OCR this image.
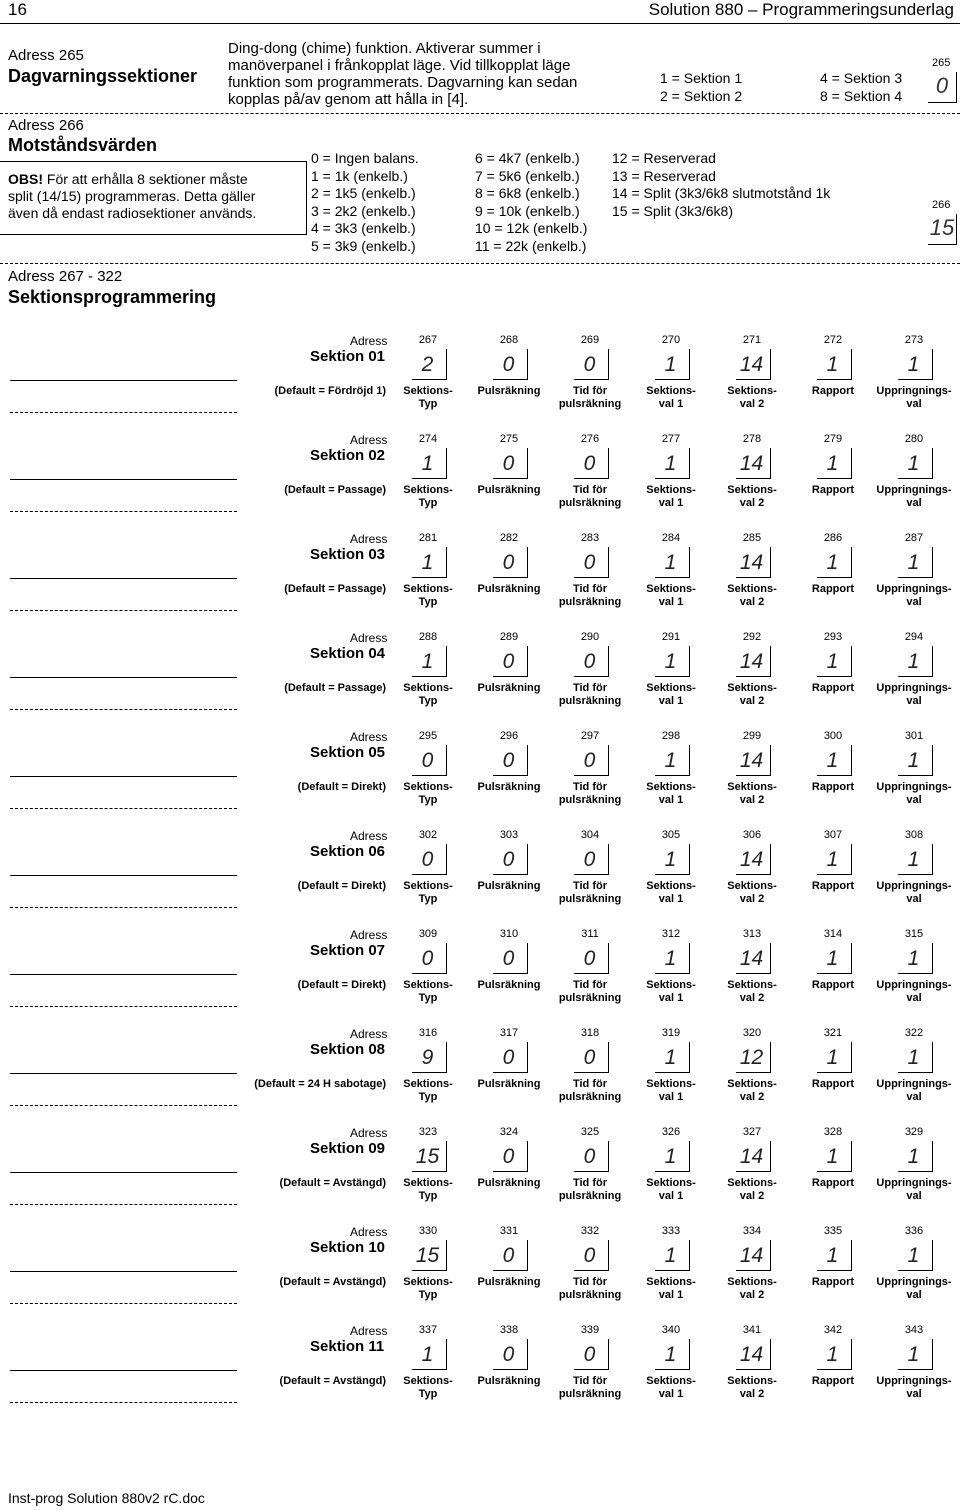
16	Solution 880 – Programmeringsunderlag
Adress 265
Dagvarningssektioner
Ding-dong (chime) funktion. Aktiverar summer i
manöverpanel i frånkopplat läge. Vid tillkopplat läge
funktion som programmerats. Dagvarning kan sedan
kopplas på/av genom att hålla in [4].
1 = Sektion 1
2 = Sektion 2
4 = Sektion 3
8 = Sektion 4
265
0
Adress 266
Motståndsvärden
OBS! För att erhålla 8 sektioner måste
split (14/15) programmeras. Detta gäller
även då endast radiosektioner används.
0 = Ingen balans.
1 = 1k (enkelb.)
2 = 1k5 (enkelb.)
3 = 2k2 (enkelb.)
4 = 3k3 (enkelb.)
5 = 3k9 (enkelb.)
6 = 4k7 (enkelb.)
7 = 5k6 (enkelb.)
8 = 6k8 (enkelb.)
9 = 10k (enkelb.)
10 = 12k (enkelb.)
11 = 22k (enkelb.)
12 = Reserverad
13 = Reserverad
14 = Split (3k3/6k8 slutmotstånd 1k
15 = Split (3k3/6k8)	266
15
Adress 267 - 322
Sektionsprogrammering
Adress
Sektion 01
(Default = Fördröjd 1)
267
2
Sektions-
Typ
268
0
Pulsräkning
269
0
Tid för
pulsräkning
270
1
Sektions-
val 1
271
14
Sektions-
val 2
272
1
Rapport
273
1
Uppringnings-
val
Adress
Sektion 02
(Default = Passage)
274
1
Sektions-
Typ
275
0
Pulsräkning
276
0
Tid för
pulsräkning
277
1
Sektions-
val 1
278
14
Sektions-
val 2
279
1
Rapport
280
1
Uppringnings-
val
Adress
Sektion 03
(Default = Passage)
281
1
Sektions-
Typ
282
0
Pulsräkning
283
0
Tid för
pulsräkning
284
1
Sektions-
val 1
285
14
Sektions-
val 2
286
1
Rapport
287
1
Uppringnings-
val
Adress
Sektion 04
(Default = Passage)
288
1
Sektions-
Typ
289
0
Pulsräkning
290
0
Tid för
pulsräkning
291
1
Sektions-
val 1
292
14
Sektions-
val 2
293
1
Rapport
294
1
Uppringnings-
val
Adress
Sektion 05
(Default = Direkt)
295
0
Sektions-
Typ
296
0
Pulsräkning
297
0
Tid för
pulsräkning
298
1
Sektions-
val 1
299
14
Sektions-
val 2
300
1
Rapport
301
1
Uppringnings-
val
Adress
Sektion 06
(Default = Direkt)
302
0
Sektions-
Typ
303
0
Pulsräkning
304
0
Tid för
pulsräkning
305
1
Sektions-
val 1
306
14
Sektions-
val 2
307
1
Rapport
308
1
Uppringnings-
val
Adress
Sektion 07
(Default = Direkt)
309
0
Sektions-
Typ
310
0
Pulsräkning
311
0
Tid för
pulsräkning
312
1
Sektions-
val 1
313
14
Sektions-
val 2
314
1
Rapport
315
1
Uppringnings-
val
Adress
Sektion 08
(Default = 24 H sabotage)
316
9
Sektions-
Typ
317
0
Pulsräkning
318
0
Tid för
pulsräkning
319
1
Sektions-
val 1
320
12
Sektions-
val 2
321
1
Rapport
322
1
Uppringnings-
val
Adress
Sektion 09
(Default = Avstängd)
323
15
Sektions-
Typ
324
0
Pulsräkning
325
0
Tid för
pulsräkning
326
1
Sektions-
val 1
327
14
Sektions-
val 2
328
1
Rapport
329
1
Uppringnings-
val
Adress
Sektion 10
(Default = Avstängd)
330
15
Sektions-
Typ
331
0
Pulsräkning
332
0
Tid för
pulsräkning
333
1
Sektions-
val 1
334
14
Sektions-
val 2
335
1
Rapport
336
1
Uppringnings-
val
Adress
Sektion 11
(Default = Avstängd)
337
1
Sektions-
Typ
338
0
Pulsräkning
339
0
Tid för
pulsräkning
340
1
Sektions-
val 1
341
14
Sektions-
val 2
342
1
Rapport
343
1
Uppringnings-
val
Inst-prog Solution 880v2 rC.doc
